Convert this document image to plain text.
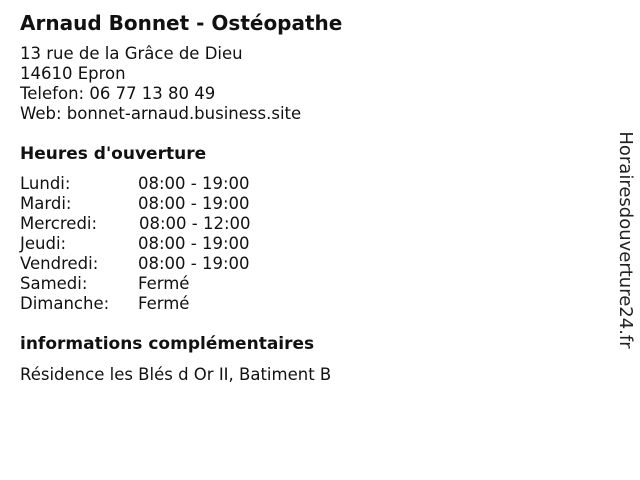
Arnaud Bonnet - Ostéopathe
13 rue de la Grâce de Dieu
14610 Epron
Telefon: 06 77 13 80 49
Web: bonnet-arnaud.business.site
Heures d'ouverture
Lundi:	08:00 - 19:00
Mardi:	08:00 - 19:00
Mercredi:	08:00 - 12:00
Jeudi:	08:00 - 19:00
Vendredi: 08:00 - 19:00
Samedi:	Fermé
Dimanche: Fermé
informations complémentaires
Résidence les Blés d Or II, Batiment B
Horairesdouverture24.fr
